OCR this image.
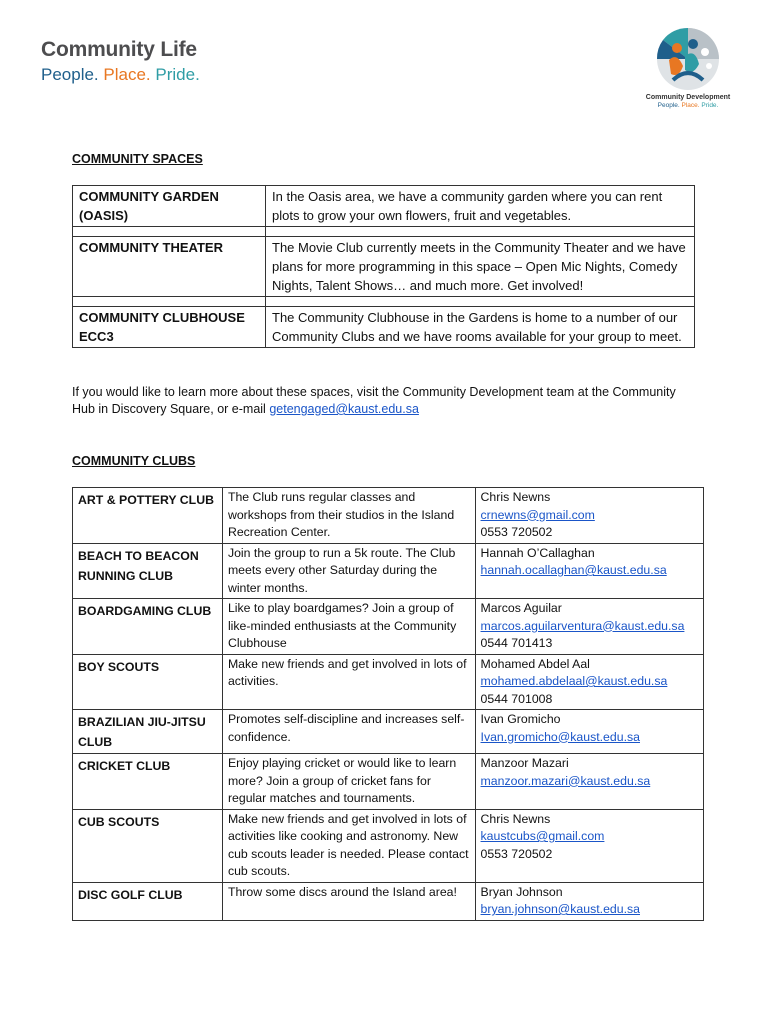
Community Life
People. Place. Pride.
Community Development
People. Place. Pride.
COMMUNITY SPACES
COMMUNITY GARDEN (OASIS)	In the Oasis area, we have a community garden where you can rent plots to grow your own flowers, fruit and vegetables.

COMMUNITY THEATER	The Movie Club currently meets in the Community Theater and we have plans for more programming in this space – Open Mic Nights, Comedy Nights, Talent Shows… and much more. Get involved!

COMMUNITY CLUBHOUSE ECC3	The Community Clubhouse in the Gardens is home to a number of our Community Clubs and we have rooms available for your group to meet.
If you would like to learn more about these spaces, visit the Community Development team at the Community Hub in Discovery Square, or e-mail getengaged@kaust.edu.sa
COMMUNITY CLUBS
ART & POTTERY CLUB	The Club runs regular classes and workshops from their studios in the Island Recreation Center.	Chris Newns
crnewns@gmail.com
0553 720502

BEACH TO BEACON RUNNING CLUB	Join the group to run a 5k route. The Club meets every other Saturday during the winter months.	Hannah O’Callaghan
hannah.ocallaghan@kaust.edu.sa
BOARDGAMING CLUB	Like to play boardgames? Join a group of like-minded enthusiasts at the Community Clubhouse	Marcos Aguilar
marcos.aguilarventura@kaust.edu.sa
0544 701413

BOY SCOUTS	Make new friends and get involved in lots of activities.	Mohamed Abdel Aal
mohamed.abdelaal@kaust.edu.sa
0544 701008

BRAZILIAN JIU-JITSU CLUB	Promotes self-discipline and increases self-confidence.	Ivan Gromicho
Ivan.gromicho@kaust.edu.sa
CRICKET CLUB	Enjoy playing cricket or would like to learn more? Join a group of cricket fans for regular matches and tournaments.	Manzoor Mazari
manzoor.mazari@kaust.edu.sa
CUB SCOUTS	Make new friends and get involved in lots of activities like cooking and astronomy. New cub scouts leader is needed. Please contact cub scouts.	Chris Newns
kaustcubs@gmail.com
0553 720502

DISC GOLF CLUB	Throw some discs around the Island area!	Bryan Johnson
bryan.johnson@kaust.edu.sa
